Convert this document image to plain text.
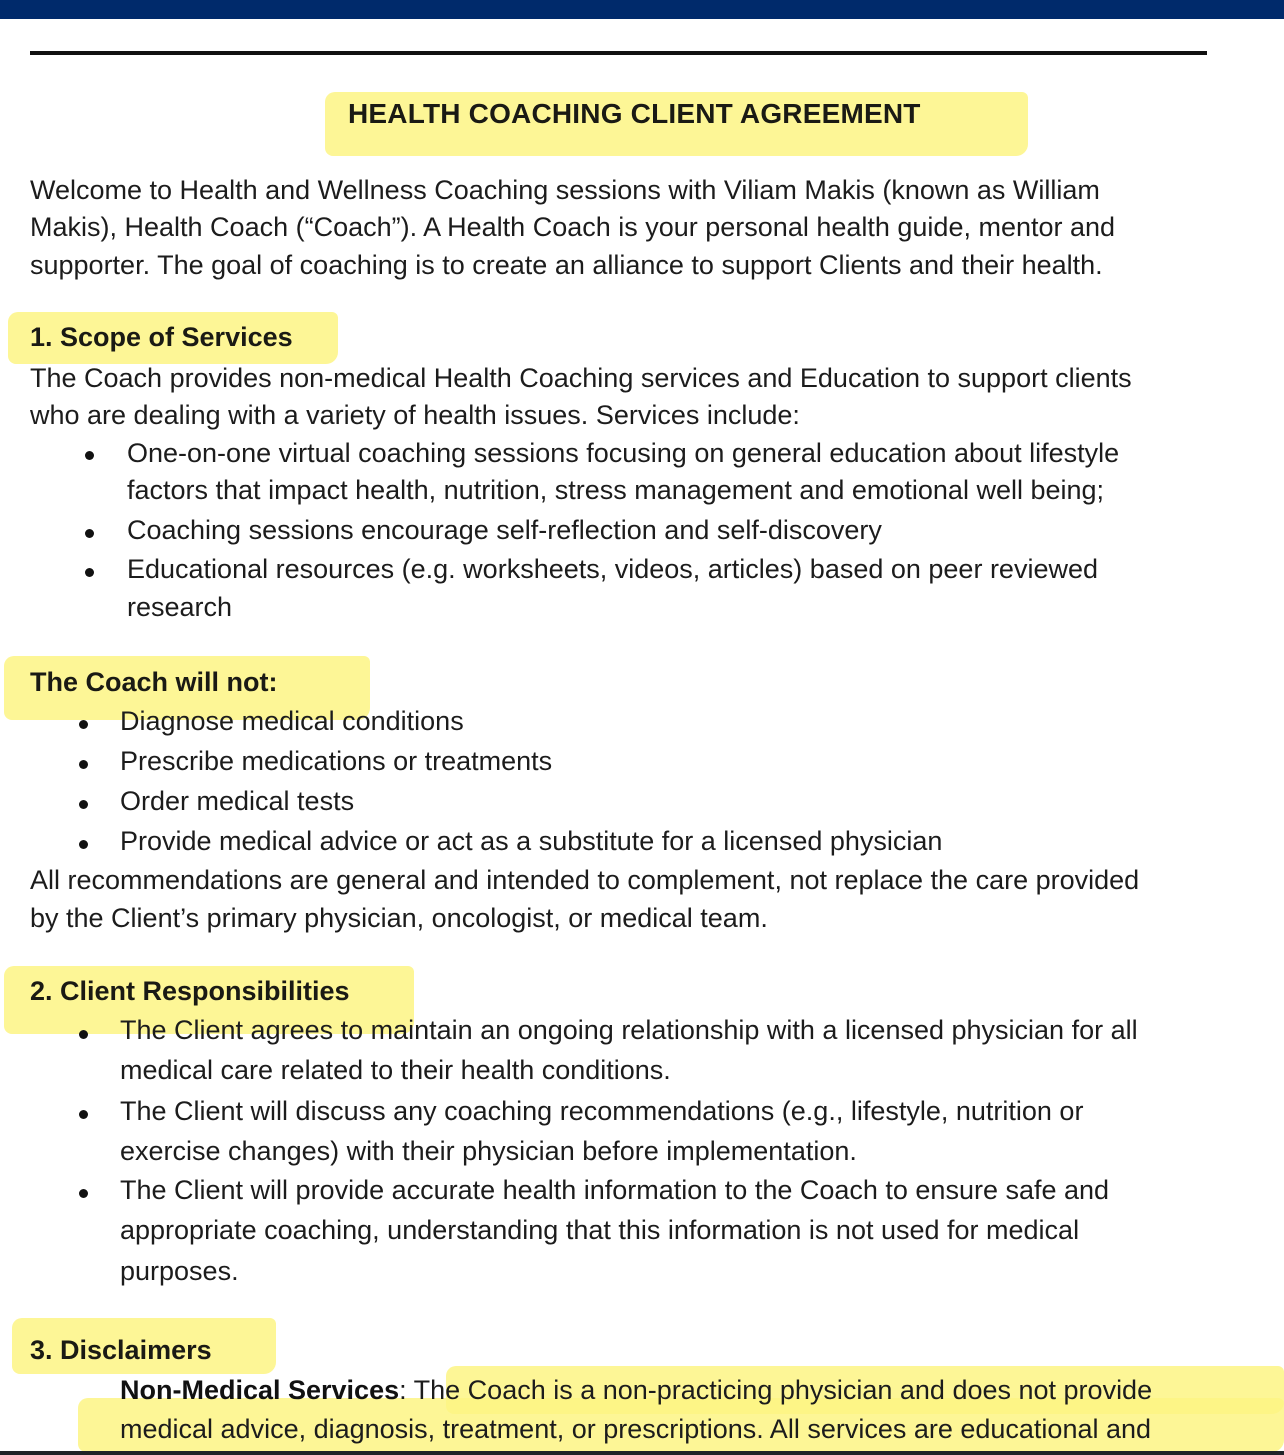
HEALTH COACHING CLIENT AGREEMENT
Welcome to Health and Wellness Coaching sessions with Viliam Makis (known as William
Makis), Health Coach (“Coach”). A Health Coach is your personal health guide, mentor and
supporter. The goal of coaching is to create an alliance to support Clients and their health.
1. Scope of Services
The Coach provides non-medical Health Coaching services and Education to support clients
who are dealing with a variety of health issues. Services include:
One-on-one virtual coaching sessions focusing on general education about lifestyle
factors that impact health, nutrition, stress management and emotional well being;
Coaching sessions encourage self-reflection and self-discovery
Educational resources (e.g. worksheets, videos, articles) based on peer reviewed
research
The Coach will not:
Diagnose medical conditions
Prescribe medications or treatments
Order medical tests
Provide medical advice or act as a substitute for a licensed physician
All recommendations are general and intended to complement, not replace the care provided
by the Client’s primary physician, oncologist, or medical team.
2. Client Responsibilities
The Client agrees to maintain an ongoing relationship with a licensed physician for all
medical care related to their health conditions.
The Client will discuss any coaching recommendations (e.g., lifestyle, nutrition or
exercise changes) with their physician before implementation.
The Client will provide accurate health information to the Coach to ensure safe and
appropriate coaching, understanding that this information is not used for medical
purposes.
3. Disclaimers
Non-Medical Services: The Coach is a non-practicing physician and does not provide
medical advice, diagnosis, treatment, or prescriptions. All services are educational and
